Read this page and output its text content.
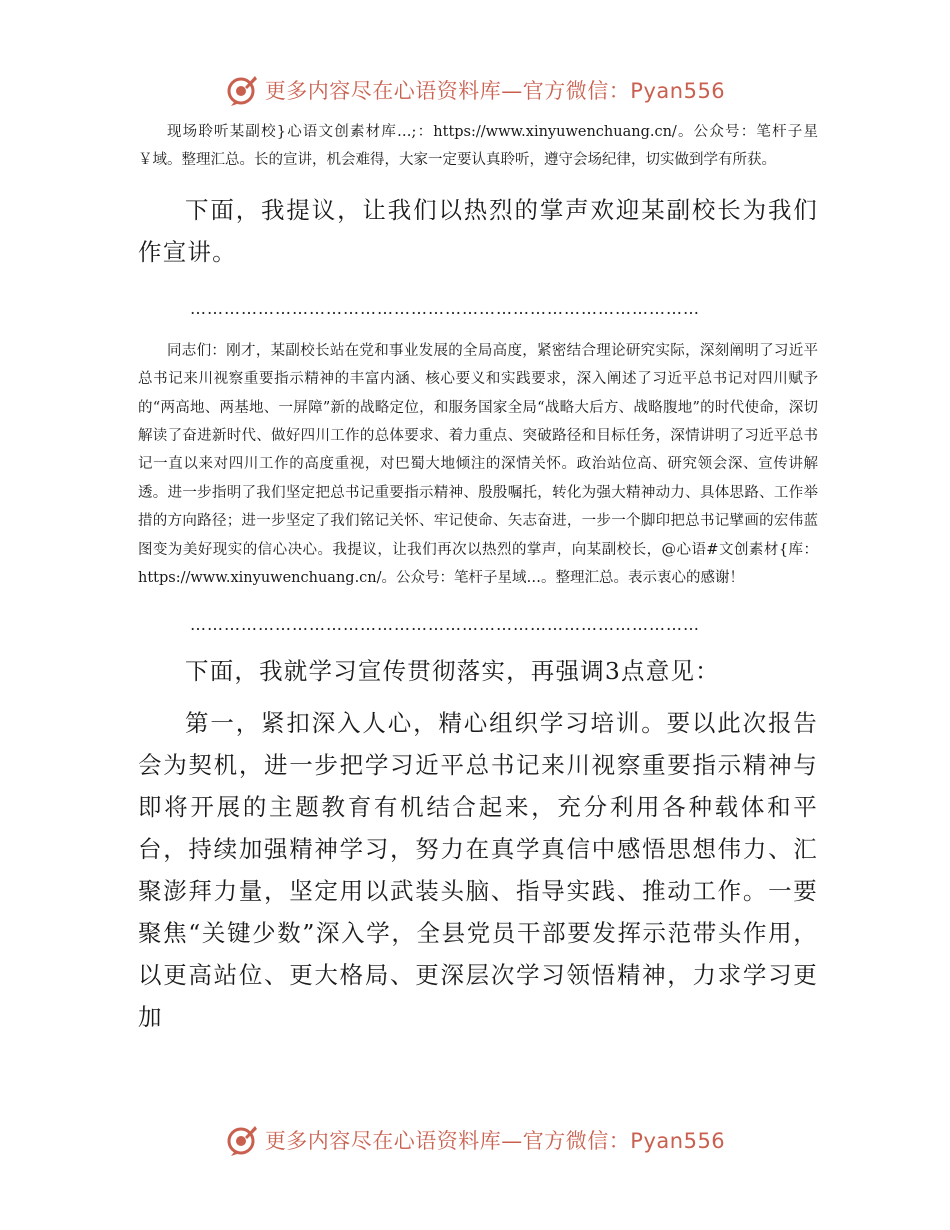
更多内容尽在心语资料库—官方微信：Pyan556

现场聆听某副校}心语文创素材库…;：https://www.xinyuwenchuang.cn/。公众号：笔杆子星￥域。整理汇总。长的宣讲，机会难得，大家一定要认真聆听，遵守会场纪律，切实做到学有所获。

下面，我提议，让我们以热烈的掌声欢迎某副校长为我们作宣讲。

………………………………………………………………………………

同志们：刚才，某副校长站在党和事业发展的全局高度，紧密结合理论研究实际，深刻阐明了习近平总书记来川视察重要指示精神的丰富内涵、核心要义和实践要求，深入阐述了习近平总书记对四川赋予的“两高地、两基地、一屏障”新的战略定位，和服务国家全局“战略大后方、战略腹地”的时代使命，深切解读了奋进新时代、做好四川工作的总体要求、着力重点、突破路径和目标任务，深情讲明了习近平总书记一直以来对四川工作的高度重视，对巴蜀大地倾注的深情关怀。政治站位高、研究领会深、宣传讲解透。进一步指明了我们坚定把总书记重要指示精神、殷殷嘱托，转化为强大精神动力、具体思路、工作举措的方向路径；进一步坚定了我们铭记关怀、牢记使命、矢志奋进，一步一个脚印把总书记擘画的宏伟蓝图变为美好现实的信心决心。我提议，让我们再次以热烈的掌声，向某副校长，@心语#文创素材{库：https://www.xinyuwenchuang.cn/。公众号：笔杆子星域…。整理汇总。表示衷心的感谢！

………………………………………………………………………………

下面，我就学习宣传贯彻落实，再强调3点意见：

第一，紧扣深入人心，精心组织学习培训。要以此次报告会为契机，进一步把学习近平总书记来川视察重要指示精神与即将开展的主题教育有机结合起来，充分利用各种载体和平台，持续加强精神学习，努力在真学真信中感悟思想伟力、汇聚澎拜力量，坚定用以武装头脑、指导实践、推动工作。一要聚焦“关键少数”深入学，全县党员干部要发挥示范带头作用，以更高站位、更大格局、更深层次学习领悟精神，力求学习更加

更多内容尽在心语资料库—官方微信：Pyan556
